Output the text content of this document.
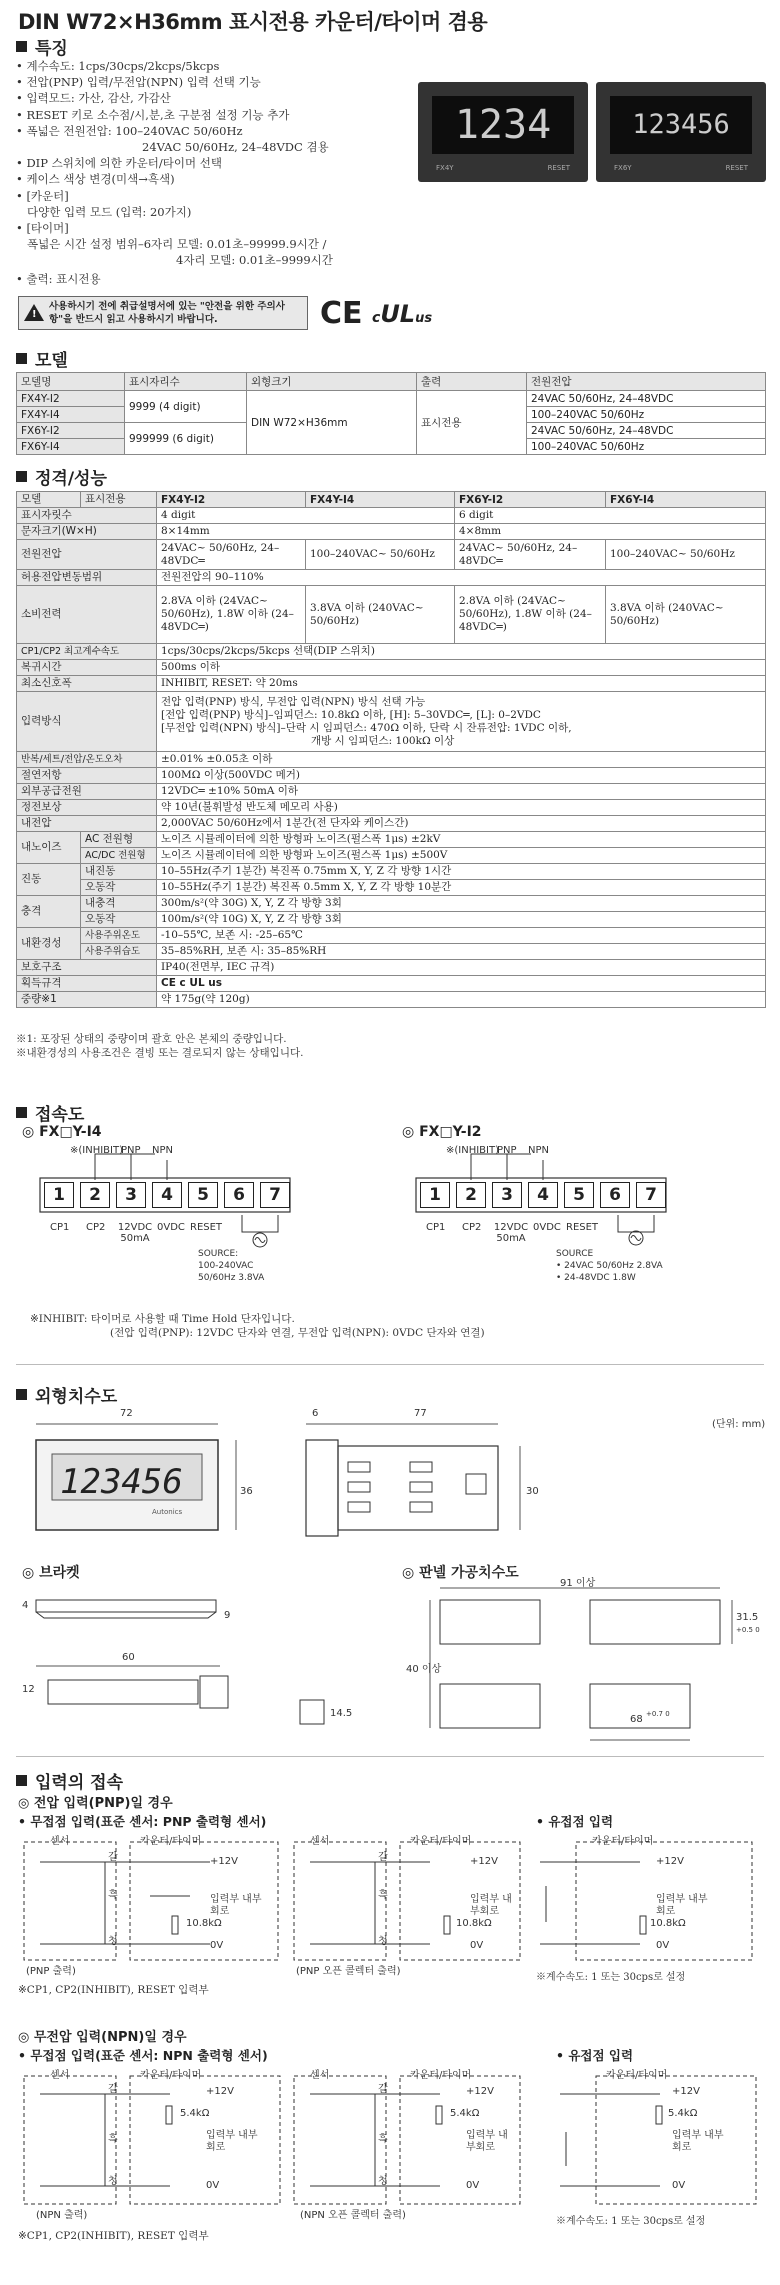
DIN W72×H36mm 표시전용 카운터/타이머 겸용
특징
• 계수속도: 1cps/30cps/2kcps/5kcps
• 전압(PNP) 입력/무전압(NPN) 입력 선택 기능
• 입력모드: 가산, 감산, 가감산
• RESET 키로 소수점/시,분,초 구분점 설정 기능 추가
• 폭넓은 전원전압: 100–240VAC 50/60Hz
24VAC 50/60Hz, 24–48VDC 겸용
• DIP 스위치에 의한 카운터/타이머 선택
• 케이스 색상 변경(미색→흑색)
• [카운터]
다양한 입력 모드 (입력: 20가지)
• [타이머]
폭넓은 시간 설정 범위–6자리 모델: 0.01초–99999.9시간 /
4자리 모델: 0.01초–9999시간
• 출력: 표시전용
1234
FX4Y	RESET
123456
FX6Y	RESET
!
사용하시기 전에 취급설명서에 있는 "안전을 위한 주의사항"을 반드시 읽고 사용하시기 바랍니다.	CE cULus
모델
모델명	표시자리수	외형크기	출력	전원전압
FX4Y-I2	9999 (4 digit)	DIN W72×H36mm	표시전용	24VAC 50/60Hz, 24–48VDC
FX4Y-I4				100–240VAC 50/60Hz
FX6Y-I2	999999 (6 digit)			24VAC 50/60Hz, 24–48VDC
FX6Y-I4				100–240VAC 50/60Hz
정격/성능
모델	표시전용	FX4Y-I2	FX4Y-I4	FX6Y-I2	FX6Y-I4
표시자릿수		4 digit		6 digit	
문자크기(W×H)		8×14mm		4×8mm	
전원전압		24VAC~ 50/60Hz, 24–48VDC═	100–240VAC~ 50/60Hz	24VAC~ 50/60Hz, 24–48VDC═	100–240VAC~ 50/60Hz
허용전압변동범위		전원전압의 90–110%			
소비전력		2.8VA 이하 (24VAC~ 50/60Hz), 1.8W 이하 (24–48VDC═)	3.8VA 이하 (240VAC~ 50/60Hz)	2.8VA 이하 (24VAC~ 50/60Hz), 1.8W 이하 (24–48VDC═)	3.8VA 이하 (240VAC~ 50/60Hz)
CP1/CP2 최고계수속도		1cps/30cps/2kcps/5kcps 선택(DIP 스위치)			
복귀시간		500ms 이하			
최소신호폭		INHIBIT, RESET: 약 20ms			
입력방식		전압 입력(PNP) 방식, 무전압 입력(NPN) 방식 선택 가능
[전압 입력(PNP) 방식]–임피던스: 10.8kΩ 이하, [H]: 5–30VDC═, [L]: 0–2VDC
[무전압 입력(NPN) 방식]–단락 시 임피던스: 470Ω 이하, 단락 시 잔류전압: 1VDC 이하,
개방 시 임피던스: 100kΩ 이상			

반복/세트/전압/온도오차		±0.01% ±0.05초 이하			
절연저항		100MΩ 이상(500VDC 메거)			
외부공급전원		12VDC═ ±10% 50mA 이하			
정전보상		약 10년(불휘발성 반도체 메모리 사용)			
내전압		2,000VAC 50/60Hz에서 1분간(전 단자와 케이스간)			
내노이즈	AC 전원형	노이즈 시뮬레이터에 의한 방형파 노이즈(펄스폭 1μs) ±2kV			
	AC/DC 전원형	노이즈 시뮬레이터에 의한 방형파 노이즈(펄스폭 1μs) ±500V			
진동	내진동	10–55Hz(주기 1분간) 복진폭 0.75mm X, Y, Z 각 방향 1시간			
	오동작	10–55Hz(주기 1분간) 복진폭 0.5mm X, Y, Z 각 방향 10분간			
충격	내충격	300m/s²(약 30G) X, Y, Z 각 방향 3회			
	오동작	100m/s²(약 10G) X, Y, Z 각 방향 3회			
내환경성	사용주위온도	-10–55℃, 보존 시: -25–65℃			
	사용주위습도	35–85%RH, 보존 시: 35–85%RH			
보호구조		IP40(전면부, IEC 규격)			
획득규격		CE c UL us			
중량※1		약 175g(약 120g)			
※1: 포장된 상태의 중량이며 괄호 안은 본체의 중량입니다.
※내환경성의 사용조건은 결빙 또는 결로되지 않는 상태입니다.
접속도
◎ FX□Y-I4	◎ FX□Y-I2
※(INHIBIT)
PNP NPN	※(INHIBIT)
PNP NPN
1	2	3	4	5	6	7	1	2	3	4	5	6	7
CP1 CP2 12VDC 50mA
0VDC RESET	CP1 CP2 12VDC 50mA
0VDC RESET
SOURCE:
100-240VAC
50/60Hz 3.8VA
SOURCE
• 24VAC 50/60Hz 2.8VA
• 24-48VDC 1.8W
※INHIBIT: 타이머로 사용할 때 Time Hold 단자입니다.
(전압 입력(PNP): 12VDC 단자와 연결, 무전압 입력(NPN): 0VDC 단자와 연결)
외형치수도
(단위: mm)
72
36
6	77
30
123456
Autonics
◎ 브라켓	◎ 판넬 가공치수도
4
9
60
12
14.5
91 이상
40 이상
31.5
+0.5 0
68 +0.7 0
입력의 접속
◎ 전압 입력(PNP)일 경우
• 무접점 입력(표준 센서: PNP 출력형 센서)	• 유접점 입력
센서	카운터/타이머
갈
흑
청
+12V
입력부 내부회로
10.8kΩ
0V
(PNP 출력)
센서	카운터/타이머
갈
흑
청
+12V
입력부 내부회로
10.8kΩ
0V
(PNP 오픈 콜렉터 출력)
카운터/타이머
+12V
입력부 내부회로
10.8kΩ
0V
※계수속도: 1 또는 30cps로 설정
※CP1, CP2(INHIBIT), RESET 입력부
◎ 무전압 입력(NPN)일 경우
• 무접점 입력(표준 센서: NPN 출력형 센서)	• 유접점 입력
센서	카운터/타이머
갈
흑
청
+12V
5.4kΩ
입력부 내부회로
0V
(NPN 출력)
센서	카운터/타이머
갈
흑
청
+12V
5.4kΩ
입력부 내부회로
0V
(NPN 오픈 콜렉터 출력)
카운터/타이머
+12V
5.4kΩ
입력부 내부회로
0V
※계수속도: 1 또는 30cps로 설정
※CP1, CP2(INHIBIT), RESET 입력부
